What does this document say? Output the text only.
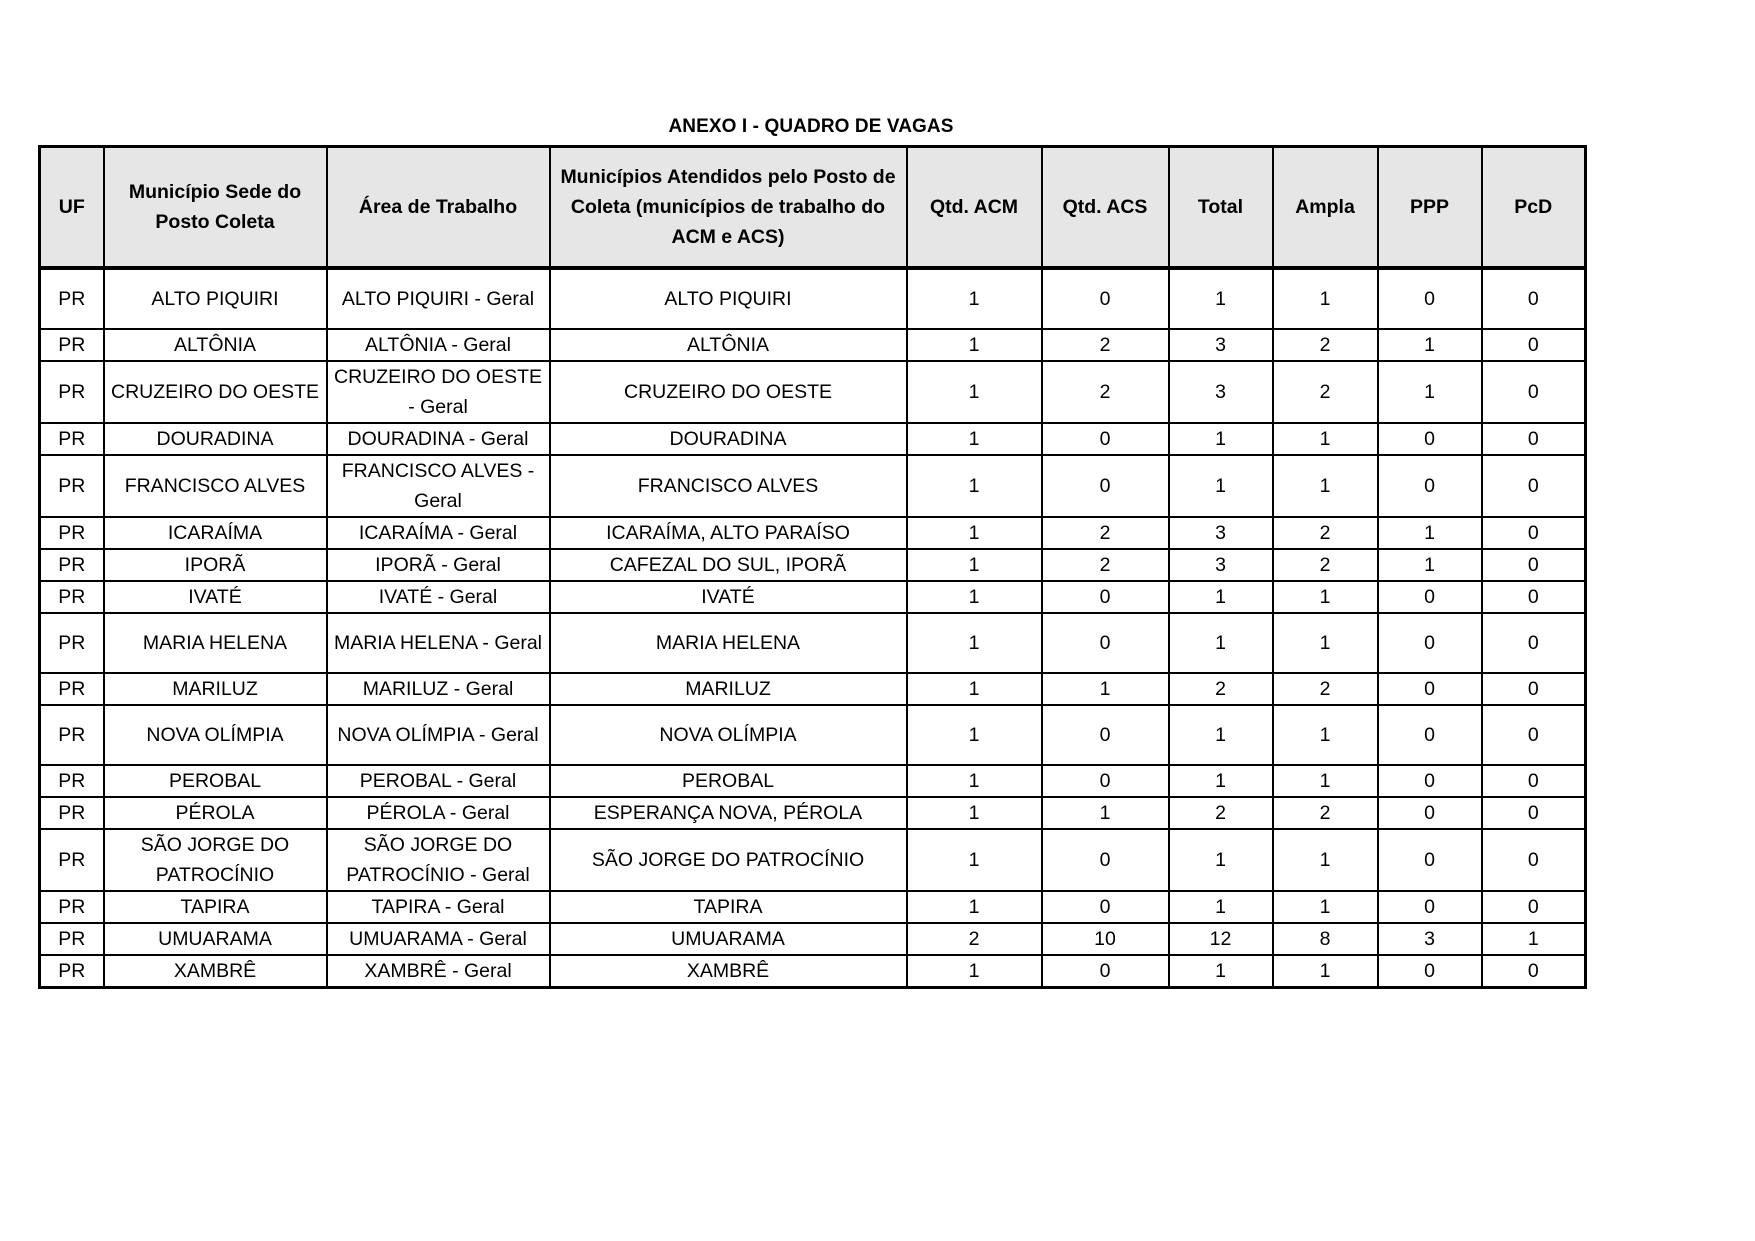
ANEXO I - QUADRO DE VAGAS
UF	Município Sede do Posto Coleta	Área de Trabalho	Municípios Atendidos pelo Posto de Coleta (municípios de trabalho do ACM e ACS)	Qtd. ACM	Qtd. ACS	Total	Ampla	PPP	PcD
PR	ALTO PIQUIRI	ALTO PIQUIRI - Geral	ALTO PIQUIRI	1	0	1	1	0	0
PR	ALTÔNIA	ALTÔNIA - Geral	ALTÔNIA	1	2	3	2	1	0
PR	CRUZEIRO DO OESTE	CRUZEIRO DO OESTE - Geral	CRUZEIRO DO OESTE	1	2	3	2	1	0
PR	DOURADINA	DOURADINA - Geral	DOURADINA	1	0	1	1	0	0
PR	FRANCISCO ALVES	FRANCISCO ALVES - Geral	FRANCISCO ALVES	1	0	1	1	0	0
PR	ICARAÍMA	ICARAÍMA - Geral	ICARAÍMA, ALTO PARAÍSO	1	2	3	2	1	0
PR	IPORÃ	IPORÃ - Geral	CAFEZAL DO SUL, IPORÃ	1	2	3	2	1	0
PR	IVATÉ	IVATÉ - Geral	IVATÉ	1	0	1	1	0	0
PR	MARIA HELENA	MARIA HELENA - Geral	MARIA HELENA	1	0	1	1	0	0
PR	MARILUZ	MARILUZ - Geral	MARILUZ	1	1	2	2	0	0
PR	NOVA OLÍMPIA	NOVA OLÍMPIA - Geral	NOVA OLÍMPIA	1	0	1	1	0	0
PR	PEROBAL	PEROBAL - Geral	PEROBAL	1	0	1	1	0	0
PR	PÉROLA	PÉROLA - Geral	ESPERANÇA NOVA, PÉROLA	1	1	2	2	0	0
PR	SÃO JORGE DO PATROCÍNIO	SÃO JORGE DO PATROCÍNIO - Geral	SÃO JORGE DO PATROCÍNIO	1	0	1	1	0	0
PR	TAPIRA	TAPIRA - Geral	TAPIRA	1	0	1	1	0	0
PR	UMUARAMA	UMUARAMA - Geral	UMUARAMA	2	10	12	8	3	1
PR	XAMBRÊ	XAMBRÊ - Geral	XAMBRÊ	1	0	1	1	0	0
